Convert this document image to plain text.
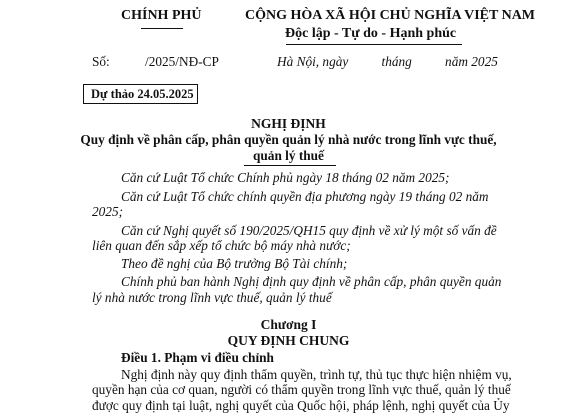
CHÍNH PHỦ	CỘNG HÒA XÃ HỘI CHỦ NGHĨA VIỆT NAM
Độc lập - Tự do - Hạnh phúc
Số:	/2025/NĐ-CP	Hà Nội, ngày          tháng          năm 2025
Dự thảo 24.05.2025
NGHỊ ĐỊNH
Quy định về phân cấp, phân quyền quản lý nhà nước trong lĩnh vực thuế,
quản lý thuế
Căn cứ Luật Tổ chức Chính phủ ngày 18 tháng 02 năm 2025;
Căn cứ Luật Tổ chức chính quyền địa phương ngày 19 tháng 02 năm
2025;
Căn cứ Nghị quyết số 190/2025/QH15 quy định về xử lý một số vấn đề
liên quan đến sắp xếp tổ chức bộ máy nhà nước;
Theo đề nghị của Bộ trưởng Bộ Tài chính;
Chính phủ ban hành Nghị định quy định về phân cấp, phân quyền quản
lý nhà nước trong lĩnh vực thuế, quản lý thuế
Chương I
QUY ĐỊNH CHUNG
Điều 1. Phạm vi điều chỉnh
Nghị định này quy định thẩm quyền, trình tự, thủ tục thực hiện nhiệm vụ,
quyền hạn của cơ quan, người có thẩm quyền trong lĩnh vực thuế, quản lý thuế
được quy định tại luật, nghị quyết của Quốc hội, pháp lệnh, nghị quyết của Ủy
